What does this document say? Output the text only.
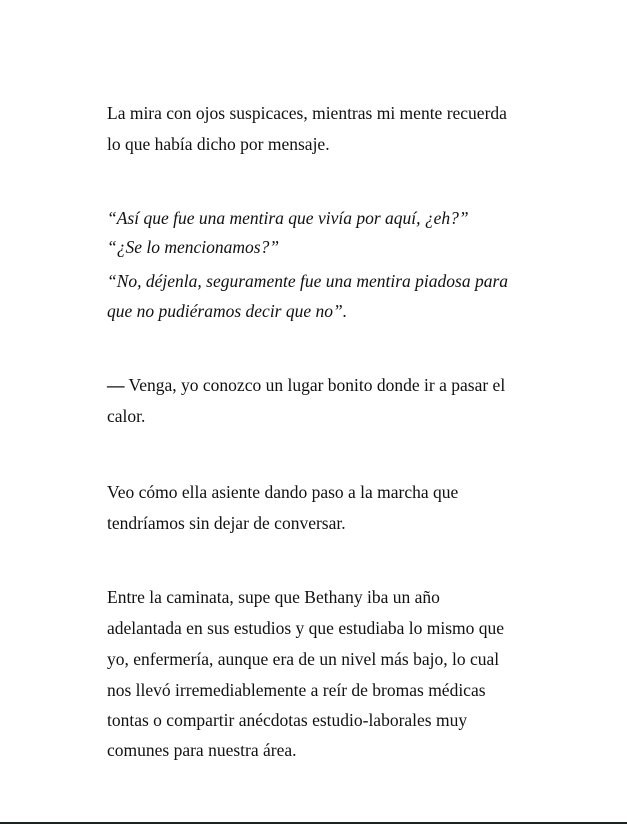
La mira con ojos suspicaces, mientras mi mente recuerda
lo que había dicho por mensaje.
“Así que fue una mentira que vivía por aquí, ¿eh?”
“¿Se lo mencionamos?”
“No, déjenla, seguramente fue una mentira piadosa para
que no pudiéramos decir que no”.
— Venga, yo conozco un lugar bonito donde ir a pasar el
calor.
Veo cómo ella asiente dando paso a la marcha que
tendríamos sin dejar de conversar.
Entre la caminata, supe que Bethany iba un año
adelantada en sus estudios y que estudiaba lo mismo que
yo, enfermería, aunque era de un nivel más bajo, lo cual
nos llevó irremediablemente a reír de bromas médicas
tontas o compartir anécdotas estudio-laborales muy
comunes para nuestra área.
